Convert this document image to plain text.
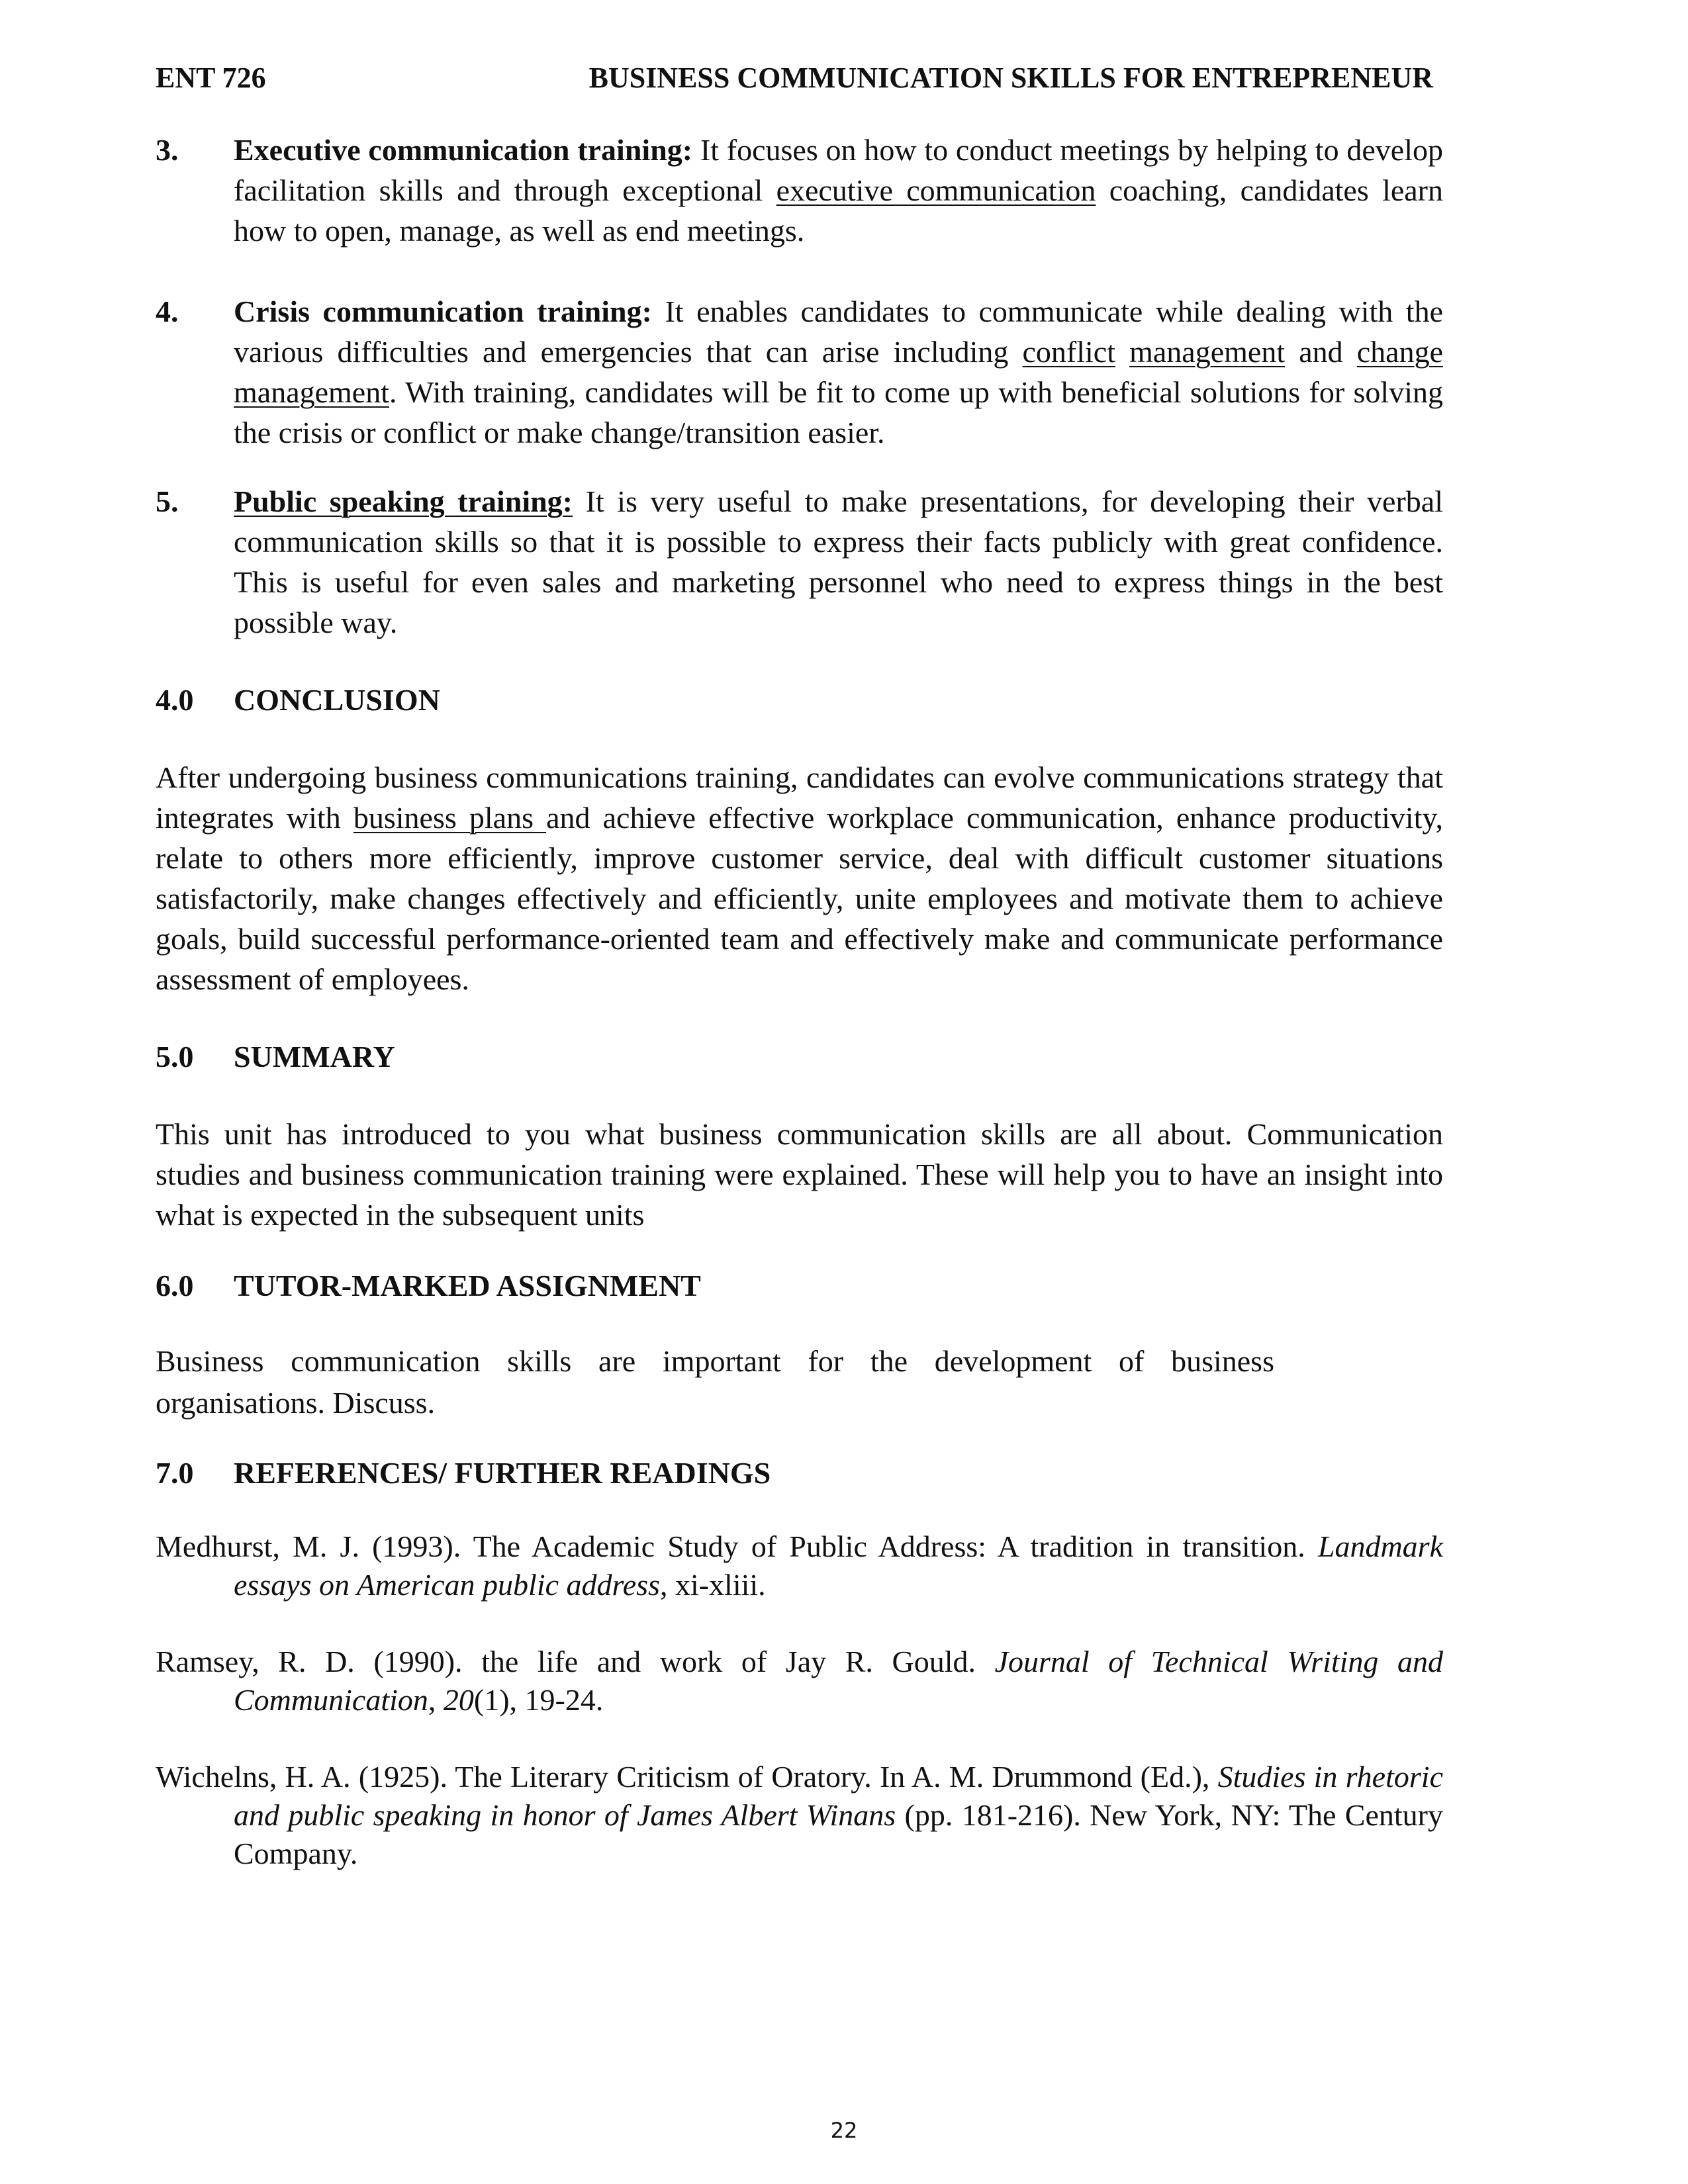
ENT 726	BUSINESS COMMUNICATION SKILLS FOR ENTREPRENEUR
3. Executive communication training: It focuses on how to conduct meetings by helping to develop facilitation skills and through exceptional executive communication coaching, candidates learn how to open, manage, as well as end meetings.

4. Crisis communication training: It enables candidates to communicate while dealing with the various difficulties and emergencies that can arise including conflict management and change management. With training, candidates will be fit to come up with beneficial solutions for solving the crisis or conflict or make change/transition easier.

5. Public speaking training: It is very useful to make presentations, for developing their verbal communication skills so that it is possible to express their facts publicly with great confidence. This is useful for even sales and marketing personnel who need to express things in the best possible way.

4.0	CONCLUSION

After undergoing business communications training, candidates can evolve communications strategy that integrates with business plans and achieve effective workplace communication, enhance productivity, relate to others more efficiently, improve customer service, deal with difficult customer situations satisfactorily, make changes effectively and efficiently, unite employees and motivate them to achieve goals, build successful performance-oriented team and effectively make and communicate performance assessment of employees.

5.0	SUMMARY

This unit has introduced to you what business communication skills are all about. Communication studies and business communication training were explained. These will help you to have an insight into what is expected in the subsequent units

6.0	TUTOR-MARKED ASSIGNMENT
Business communication skills are important for the development of business
organisations. Discuss.
7.0	REFERENCES/ FURTHER READINGS

Medhurst, M. J. (1993). The Academic Study of Public Address: A tradition in transition. Landmark essays on American public address, xi-xliii.

Ramsey, R. D. (1990). the life and work of Jay R. Gould. Journal of Technical Writing and Communication, 20(1), 19-24.

Wichelns, H. A. (1925). The Literary Criticism of Oratory. In A. M. Drummond (Ed.), Studies in rhetoric and public speaking in honor of James Albert Winans (pp. 181-216). New York, NY: The Century Company.

22
